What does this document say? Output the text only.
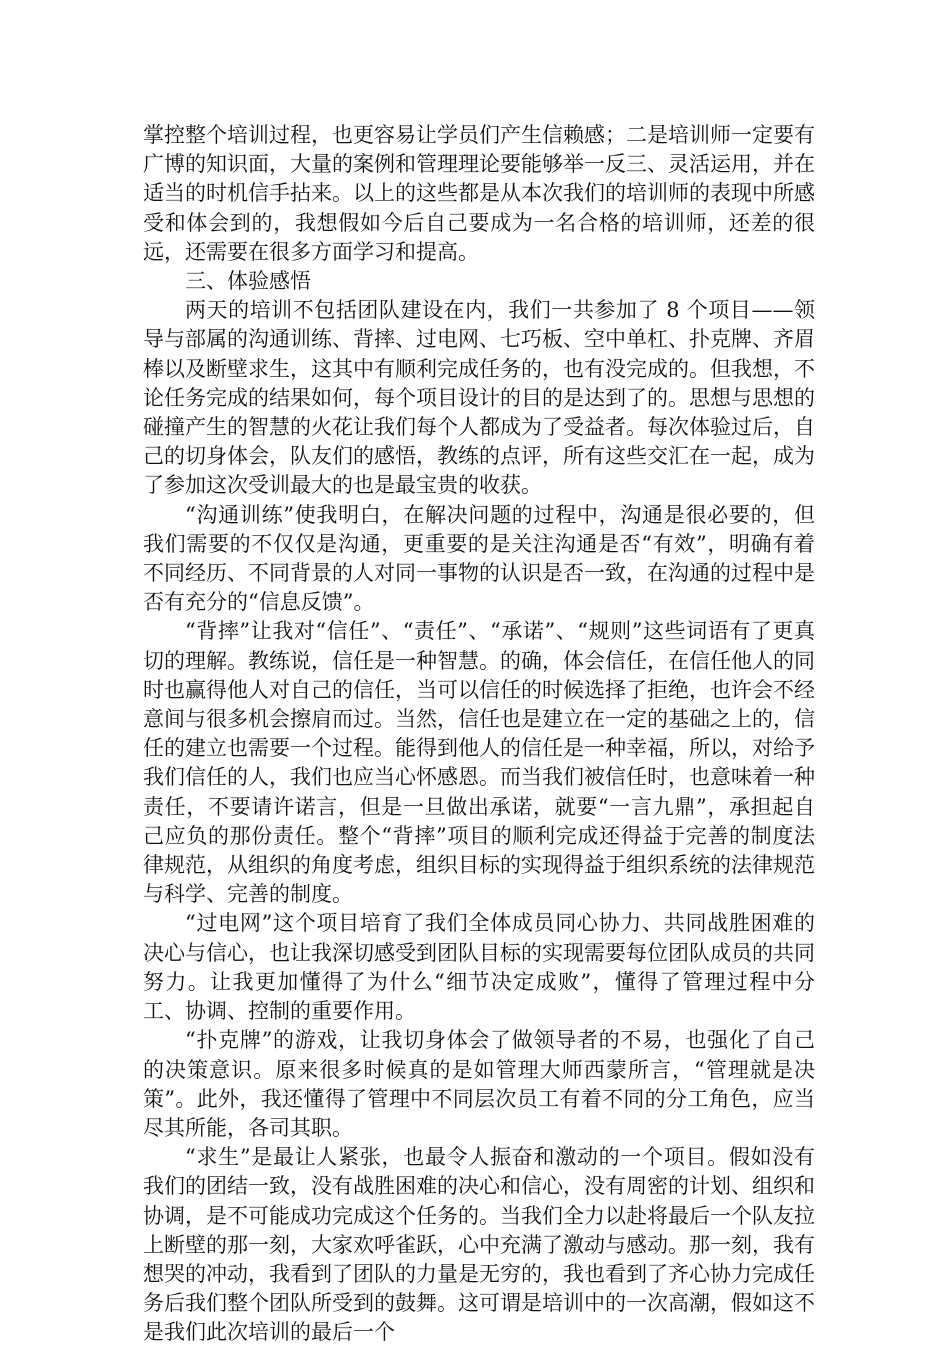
掌控整个培训过程，也更容易让学员们产生信赖感；二是培训师一定要有广博的知识面，大量的案例和管理理论要能够举一反三、灵活运用，并在适当的时机信手拈来。以上的这些都是从本次我们的培训师的表现中所感受和体会到的，我想假如今后自己要成为一名合格的培训师，还差的很远，还需要在很多方面学习和提高。

三、体验感悟

两天的培训不包括团队建设在内，我们一共参加了 8 个项目——领导与部属的沟通训练、背摔、过电网、七巧板、空中单杠、扑克牌、齐眉棒以及断壁求生，这其中有顺利完成任务的，也有没完成的。但我想，不论任务完成的结果如何，每个项目设计的目的是达到了的。思想与思想的碰撞产生的智慧的火花让我们每个人都成为了受益者。每次体验过后，自己的切身体会，队友们的感悟，教练的点评，所有这些交汇在一起，成为了参加这次受训最大的也是最宝贵的收获。

“沟通训练”使我明白，在解决问题的过程中，沟通是很必要的，但我们需要的不仅仅是沟通，更重要的是关注沟通是否“有效”，明确有着不同经历、不同背景的人对同一事物的认识是否一致，在沟通的过程中是否有充分的“信息反馈”。

“背摔”让我对“信任”、“责任”、“承诺”、“规则”这些词语有了更真切的理解。教练说，信任是一种智慧。的确，体会信任，在信任他人的同时也赢得他人对自己的信任，当可以信任的时候选择了拒绝，也许会不经意间与很多机会擦肩而过。当然，信任也是建立在一定的基础之上的，信任的建立也需要一个过程。能得到他人的信任是一种幸福，所以，对给予我们信任的人，我们也应当心怀感恩。而当我们被信任时，也意味着一种责任，不要请许诺言，但是一旦做出承诺，就要“一言九鼎”，承担起自己应负的那份责任。整个“背摔”项目的顺利完成还得益于完善的制度法律规范，从组织的角度考虑，组织目标的实现得益于组织系统的法律规范与科学、完善的制度。

“过电网”这个项目培育了我们全体成员同心协力、共同战胜困难的决心与信心，也让我深切感受到团队目标的实现需要每位团队成员的共同努力。让我更加懂得了为什么“细节决定成败”，懂得了管理过程中分工、协调、控制的重要作用。

“扑克牌”的游戏，让我切身体会了做领导者的不易，也强化了自己的决策意识。原来很多时候真的是如管理大师西蒙所言，“管理就是决策”。此外，我还懂得了管理中不同层次员工有着不同的分工角色，应当尽其所能，各司其职。

“求生”是最让人紧张，也最令人振奋和激动的一个项目。假如没有我们的团结一致，没有战胜困难的决心和信心，没有周密的计划、组织和协调，是不可能成功完成这个任务的。当我们全力以赴将最后一个队友拉上断壁的那一刻，大家欢呼雀跃，心中充满了激动与感动。那一刻，我有想哭的冲动，我看到了团队的力量是无穷的，我也看到了齐心协力完成任务后我们整个团队所受到的鼓舞。这可谓是培训中的一次高潮，假如这不是我们此次培训的最后一个
